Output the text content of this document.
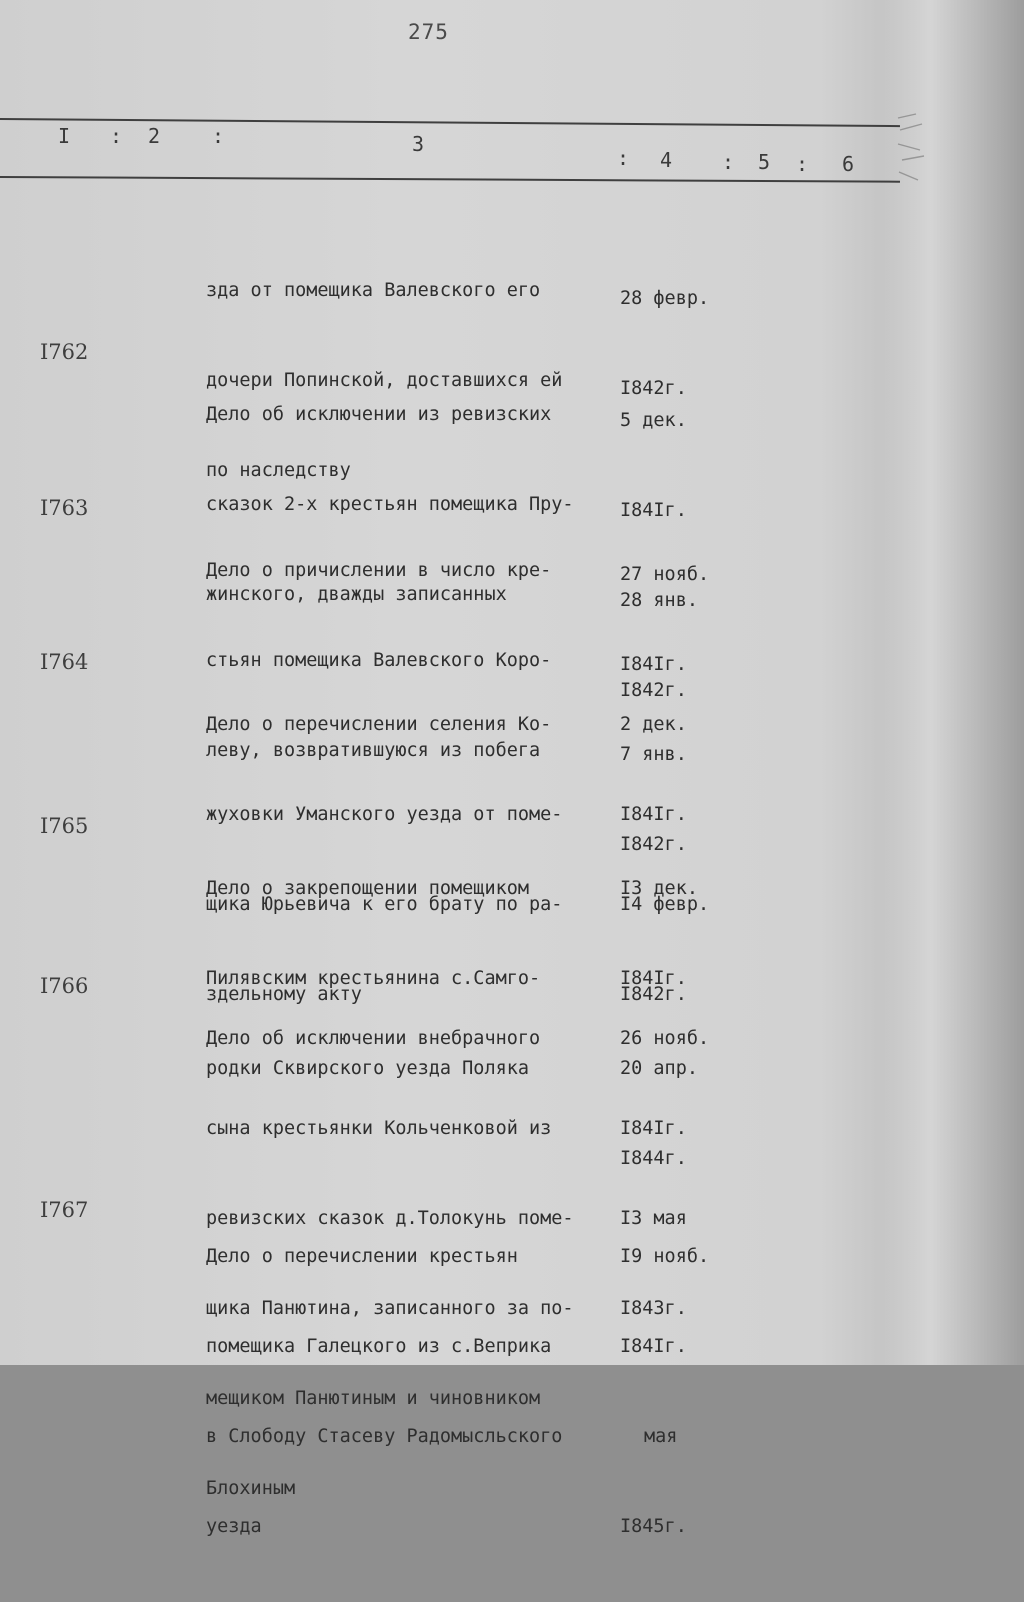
275
I : 2	:	3
: 4 : 5 : 6

зда от помещика Валевского его

дочери Попинской, доставшихся ей

по наследству

28 февр.

I842г.

I762

Дело об исключении из ревизских

сказок 2-х крестьян помещика Пру-

жинского, дважды записанных

5 дек.

I84Iг.

28 янв.

I842г.

I763

Дело о причислении в число кре-

стьян помещика Валевского Коро-

леву, возвратившуюся из побега

27 нояб.

I84Iг.

7 янв.

I842г.

I764

Дело о перечислении селения Ко-

жуховки Уманского уезда от поме-

щика Юрьевича к его брату по ра-

здельному акту

2 дек.

I84Iг.

I4 февр.

I842г.

I765

Дело о закрепощении помещиком

Пилявским крестьянина с.Самго-

родки Сквирского уезда Поляка

I3 дек.

I84Iг.

20 апр.

I844г.

I766

Дело об исключении внебрачного

сына крестьянки Кольченковой из

ревизских сказок д.Толокунь поме-

щика Панютина, записанного за по-

мещиком Панютиным и чиновником

Блохиным

26 нояб.

I84Iг.

I3 мая

I843г.

I767

Дело о перечислении крестьян

помещика Галецкого из с.Веприка

в Слободу Стасеву Радомысльского

уезда

I9 нояб.

I84Iг.

мая

I845г.
